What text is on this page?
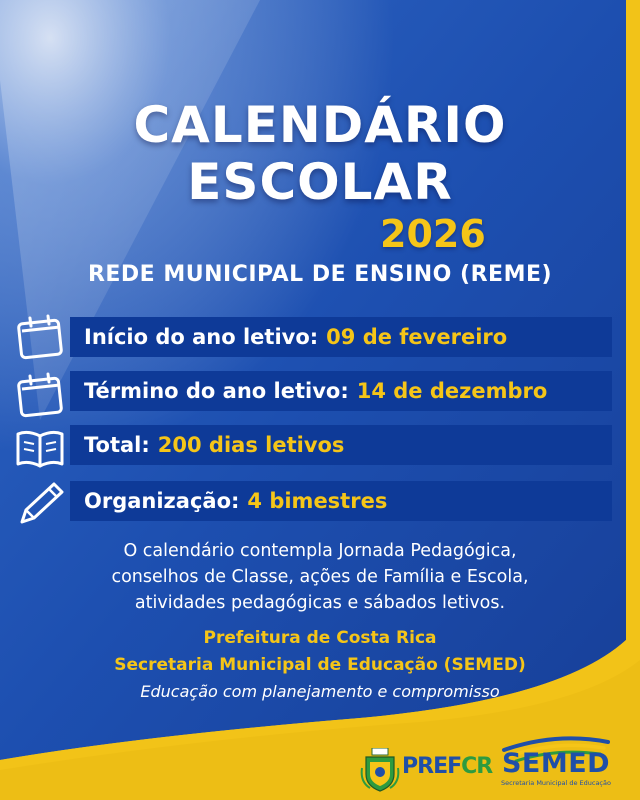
CALENDÁRIO
ESCOLAR
2026
REDE MUNICIPAL DE ENSINO (REME)
Início do ano letivo: 09 de fevereiro
Término do ano letivo: 14 de dezembro
Total: 200 dias letivos
Organização: 4 bimestres
O calendário contempla Jornada Pedagógica,
conselhos de Classe, ações de Família e Escola,
atividades pedagógicas e sábados letivos.
Prefeitura de Costa Rica
Secretaria Municipal de Educação (SEMED)
Educação com planejamento e compromisso
PREFCR SEMED
Secretaria Municipal de Educação
